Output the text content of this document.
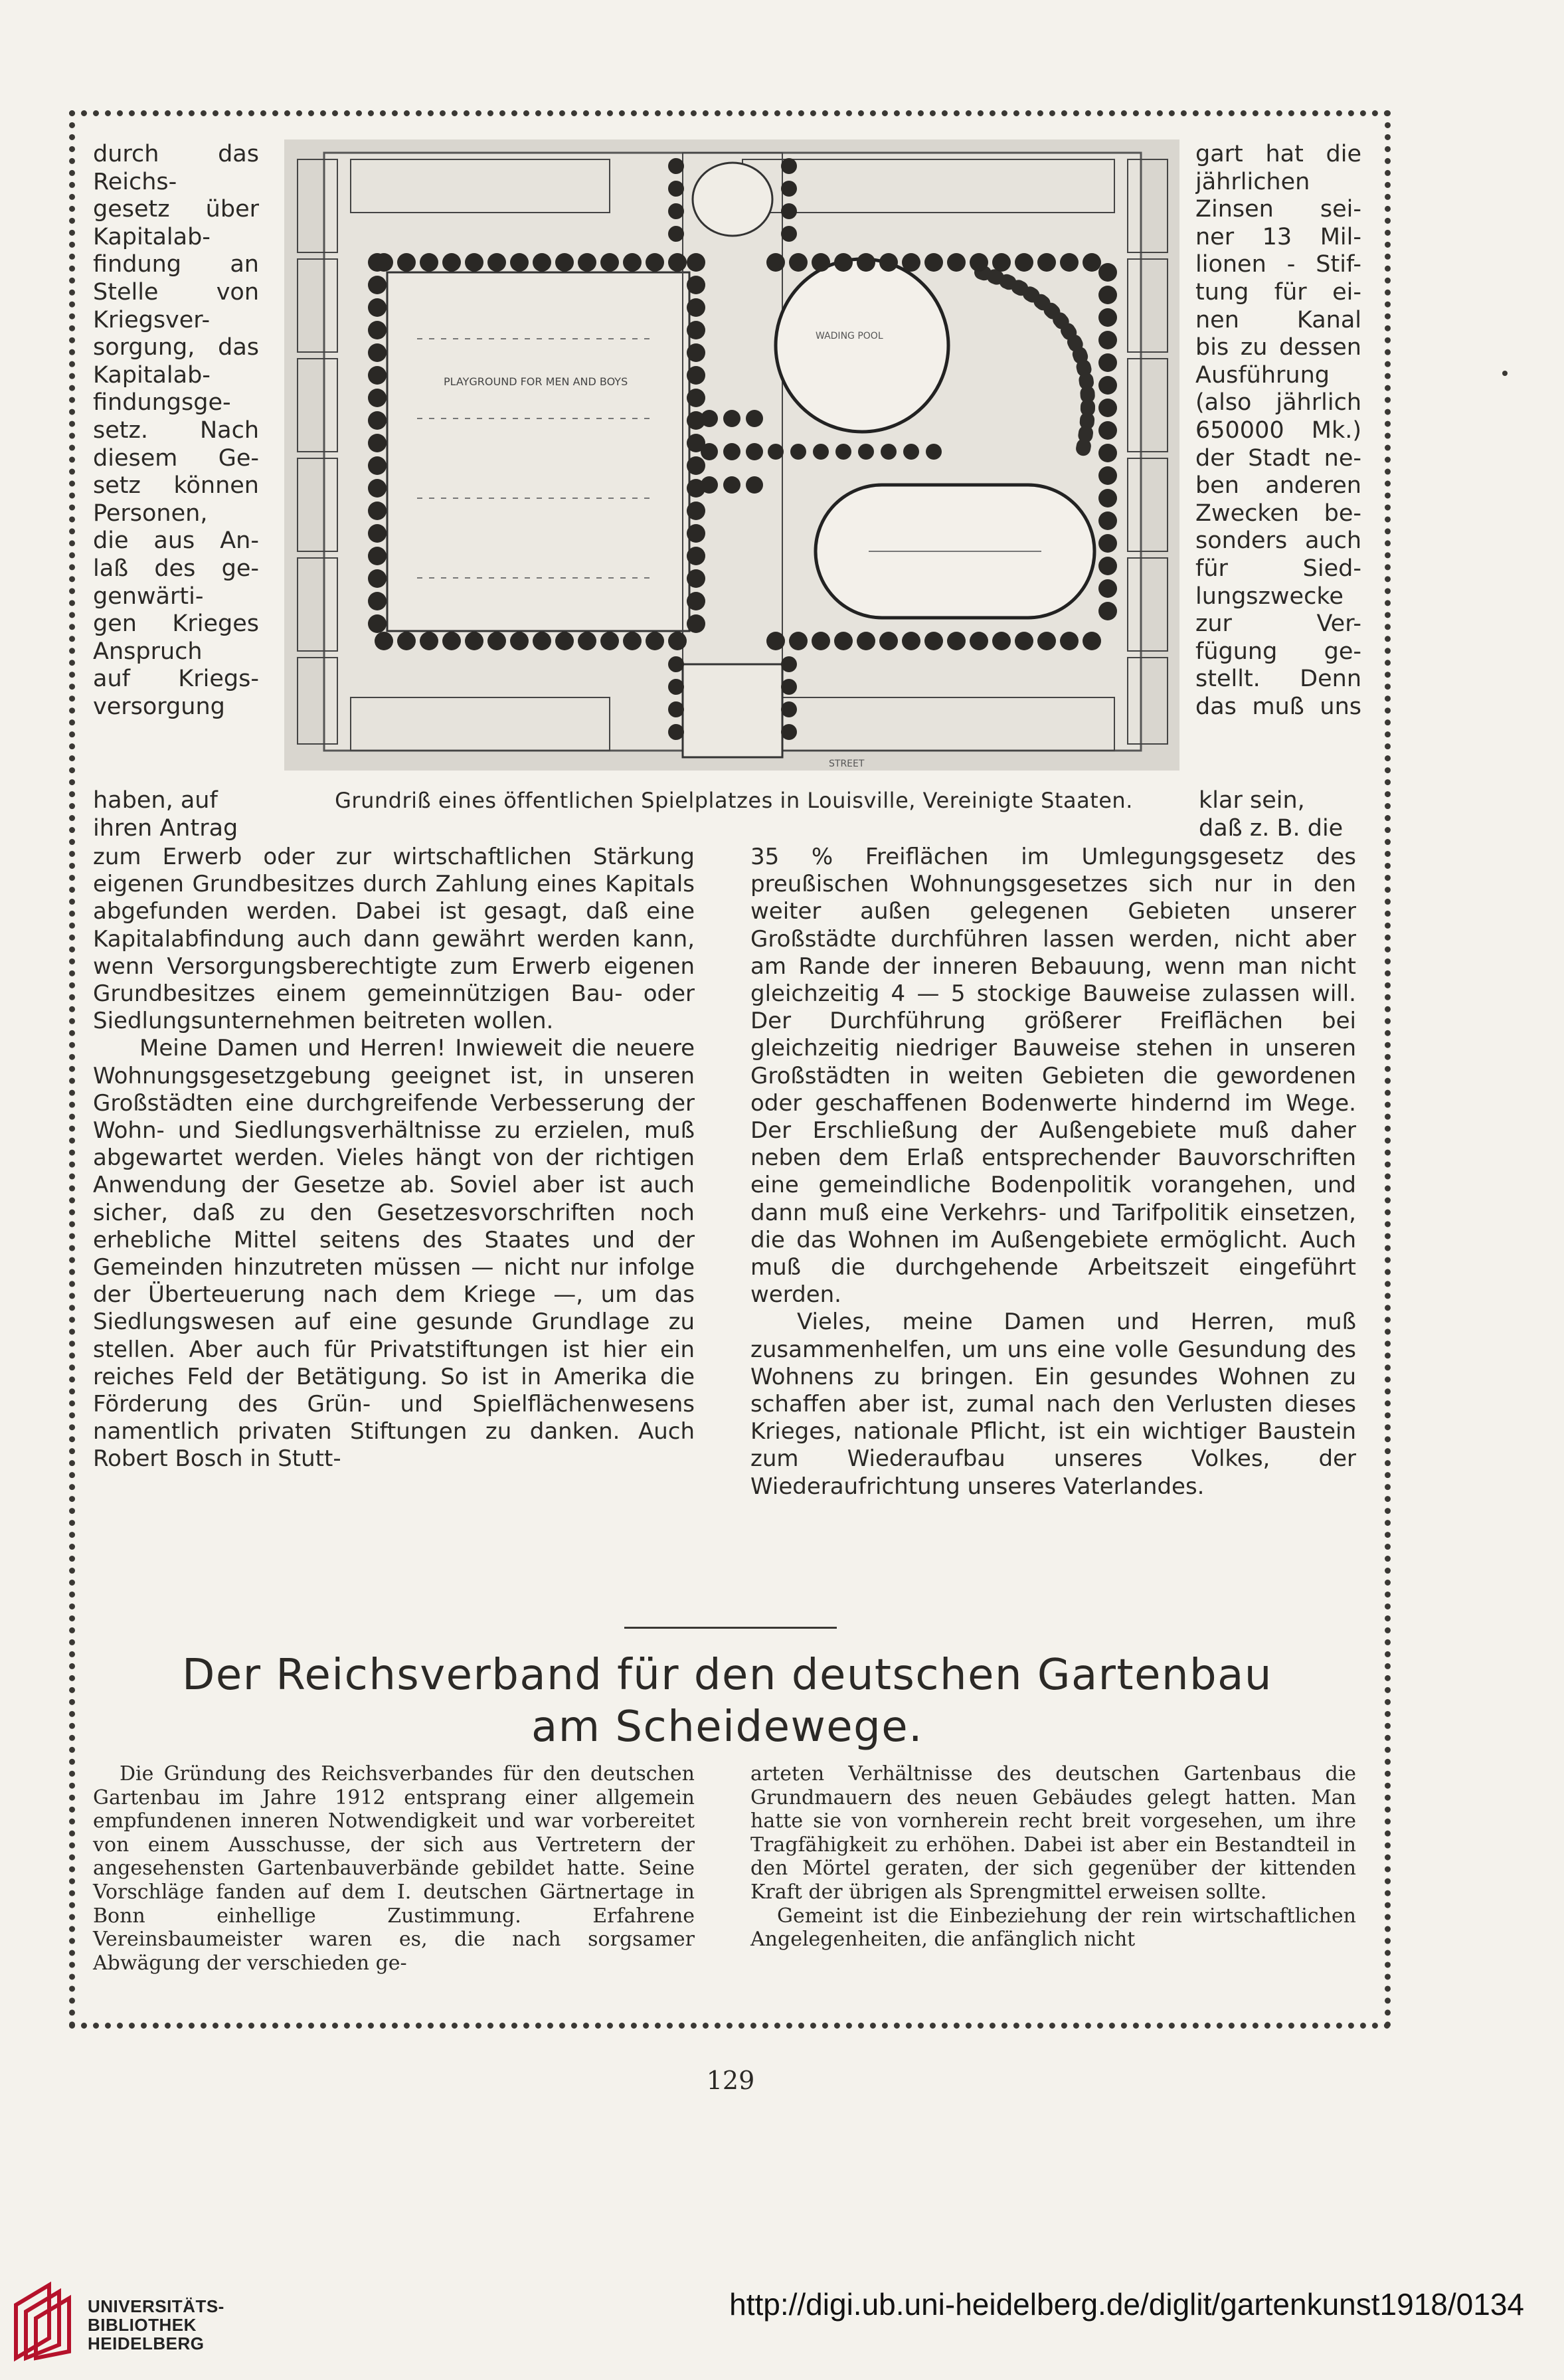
durch das
Reichs-
gesetz über
Kapitalab-
findung an
Stelle von
Kriegsver-
sorgung, das
Kapitalab-
findungsge-
setz. Nach
diesem Ge-
setz können
Personen,
die aus An-
laß des ge-
genwärti-
gen Krieges
Anspruch
auf Kriegs-
versorgung
gart hat die
jährlichen
Zinsen sei-
ner 13 Mil-
lionen - Stif-
tung für ei-
nen Kanal
bis zu dessen
Ausführung
(also jährlich
650000 Mk.)
der Stadt ne-
ben anderen
Zwecken be-
sonders auch
für Sied-
lungszwecke
zur Ver-
fügung ge-
stellt. Denn
das muß uns
PLAYGROUND FOR MEN AND BOYS
WADING POOL
STREET
Grundriß eines öffentlichen Spielplatzes in Louisville, Vereinigte Staaten.
haben, auf
ihren Antrag
klar sein,
daß z. B. die

zum Erwerb oder zur wirtschaftlichen Stärkung eigenen Grundbesitzes durch Zahlung eines Kapitals abgefunden werden. Dabei ist gesagt, daß eine Kapitalabfindung auch dann gewährt werden kann, wenn Versorgungsberechtigte zum Erwerb eigenen Grundbesitzes einem gemeinnützigen Bau- oder Siedlungsunternehmen beitreten wollen.

Meine Damen und Herren! Inwieweit die neuere Wohnungsgesetzgebung geeignet ist, in unseren Großstädten eine durchgreifende Verbesserung der Wohn- und Siedlungsverhältnisse zu erzielen, muß abgewartet werden. Vieles hängt von der richtigen Anwendung der Gesetze ab. Soviel aber ist auch sicher, daß zu den Gesetzesvorschriften noch erhebliche Mittel seitens des Staates und der Gemeinden hinzutreten müssen — nicht nur infolge der Überteuerung nach dem Kriege —, um das Siedlungswesen auf eine gesunde Grundlage zu stellen. Aber auch für Privatstiftungen ist hier ein reiches Feld der Betätigung. So ist in Amerika die Förderung des Grün- und Spielflächenwesens namentlich privaten Stiftungen zu danken. Auch Robert Bosch in Stutt-

35 % Freiflächen im Umlegungsgesetz des preußischen Wohnungsgesetzes sich nur in den weiter außen gelegenen Gebieten unserer Großstädte durchführen lassen werden, nicht aber am Rande der inneren Bebauung, wenn man nicht gleichzeitig 4 — 5 stockige Bauweise zulassen will. Der Durchführung größerer Freiflächen bei gleichzeitig niedriger Bauweise stehen in unseren Großstädten in weiten Gebieten die gewordenen oder geschaffenen Bodenwerte hindernd im Wege. Der Erschließung der Außengebiete muß daher neben dem Erlaß entsprechender Bauvorschriften eine gemeindliche Bodenpolitik vorangehen, und dann muß eine Verkehrs- und Tarifpolitik einsetzen, die das Wohnen im Außengebiete ermöglicht. Auch muß die durchgehende Arbeitszeit eingeführt werden.

Vieles, meine Damen und Herren, muß zusammenhelfen, um uns eine volle Gesundung des Wohnens zu bringen. Ein gesundes Wohnen zu schaffen aber ist, zumal nach den Verlusten dieses Krieges, nationale Pflicht, ist ein wichtiger Baustein zum Wiederaufbau unseres Volkes, der Wiederaufrichtung unseres Vaterlandes.

Der Reichsverband für den deutschen Gartenbau
am Scheidewege.

Die Gründung des Reichsverbandes für den deutschen Gartenbau im Jahre 1912 entsprang einer allgemein empfundenen inneren Notwendigkeit und war vorbereitet von einem Ausschusse, der sich aus Vertretern der angesehensten Gartenbauverbände gebildet hatte. Seine Vorschläge fanden auf dem I. deutschen Gärtnertage in Bonn einhellige Zustimmung. Erfahrene Vereinsbaumeister waren es, die nach sorgsamer Abwägung der verschieden ge-

arteten Verhältnisse des deutschen Gartenbaus die Grundmauern des neuen Gebäudes gelegt hatten. Man hatte sie von vornherein recht breit vorgesehen, um ihre Tragfähigkeit zu erhöhen. Dabei ist aber ein Bestandteil in den Mörtel geraten, der sich gegenüber der kittenden Kraft der übrigen als Sprengmittel erweisen sollte.

Gemeint ist die Einbeziehung der rein wirtschaftlichen Angelegenheiten, die anfänglich nicht

129
UNIVERSITÄTS-
BIBLIOTHEK
HEIDELBERG
http://digi.ub.uni-heidelberg.de/diglit/gartenkunst1918/0134
